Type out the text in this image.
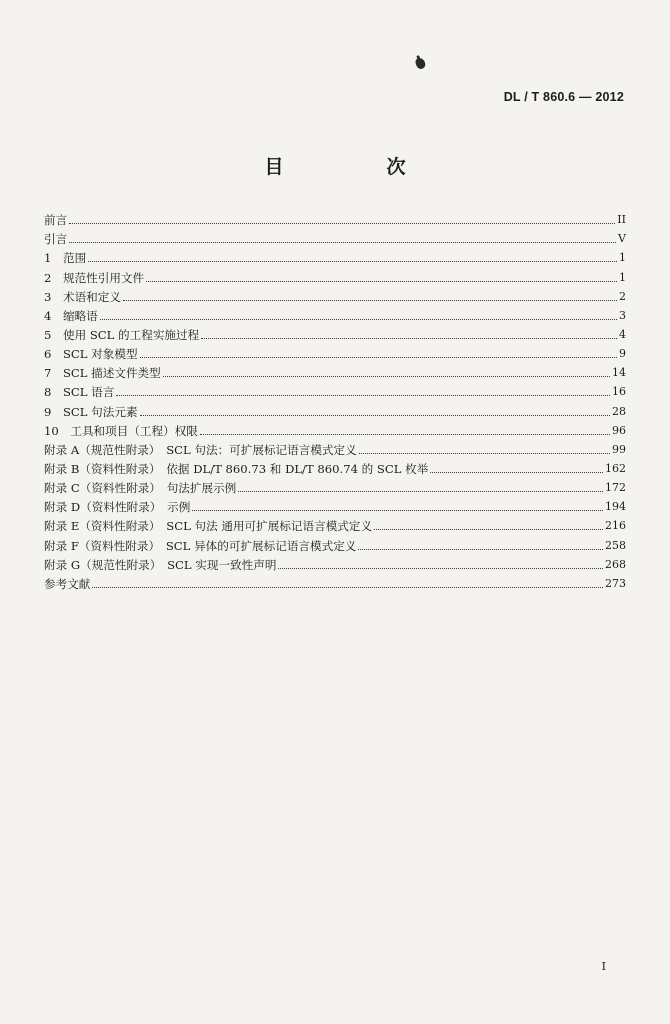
DL / T 860.6 — 2012
目　次
前言	II
引言	V
1　范围	1
2　规范性引用文件	1
3　术语和定义	2
4　缩略语	3
5　使用 SCL 的工程实施过程	4
6　SCL 对象模型	9
7　SCL 描述文件类型	14
8　SCL 语言	16
9　SCL 句法元素	28
10　工具和项目（工程）权限	96
附录 A（规范性附录）　SCL 句法：可扩展标记语言模式定义	99
附录 B（资料性附录）　依据 DL/T 860.73 和 DL/T 860.74 的 SCL 枚举	162
附录 C（资料性附录）　句法扩展示例	172
附录 D（资料性附录）　示例	194
附录 E（资料性附录）　SCL 句法 通用可扩展标记语言模式定义	216
附录 F（资料性附录）　SCL 异体的可扩展标记语言模式定义	258
附录 G（规范性附录）　SCL 实现一致性声明	268
参考文献	273
I
